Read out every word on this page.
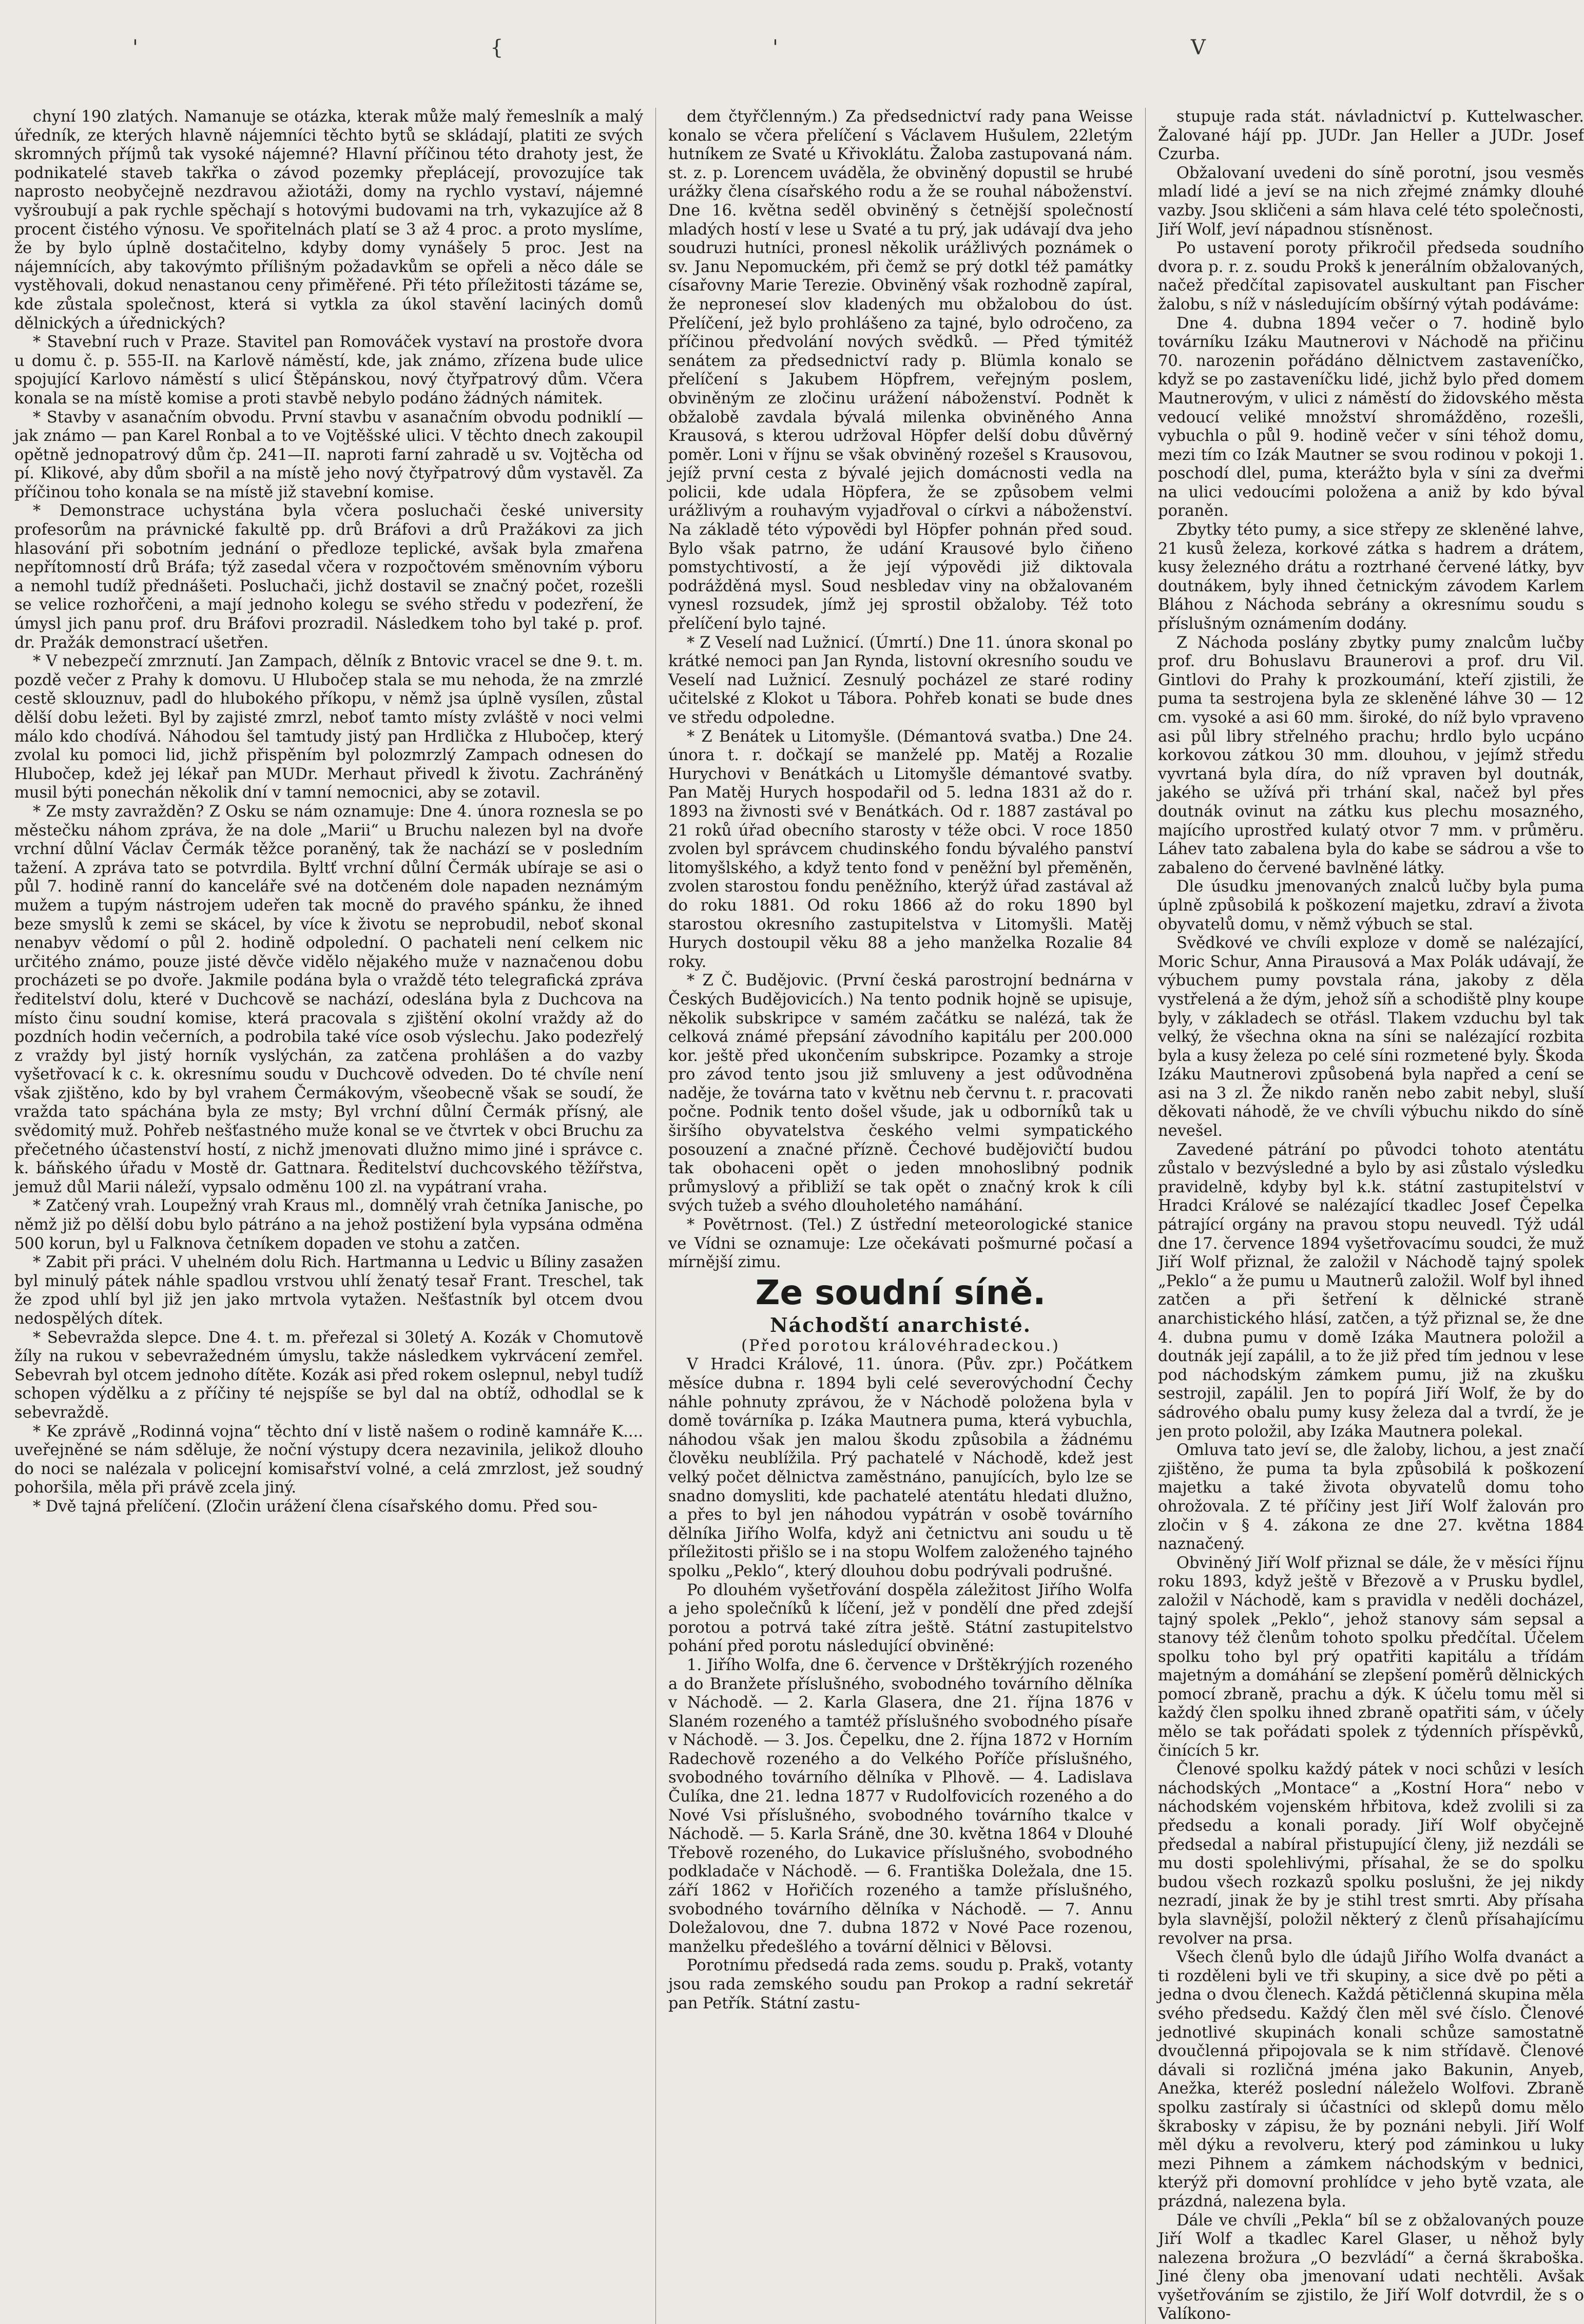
'	{	'	V

chyní 190 zlatých. Namanuje se otázka, kterak může malý řemeslník a malý úředník, ze kterých hlavně nájemníci těchto bytů se skládají, platiti ze svých skromných příjmů tak vysoké nájemné? Hlavní příčinou této drahoty jest, že podnikatelé staveb takřka o závod pozemky přeplácejí, provozujíce tak naprosto neobyčejně nezdravou ažiotáži, domy na rychlo vystaví, nájemné vyšroubují a pak rychle spěchají s hotovými budovami na trh, vykazujíce až 8 procent čistého výnosu. Ve spořitelnách platí se 3 až 4 proc. a proto myslíme, že by bylo úplně dostačitelno, kdyby domy vynášely 5 proc. Jest na nájemnících, aby takovýmto přílišným požadavkům se opřeli a něco dále se vystěhovali, dokud nenastanou ceny přiměřené. Při této příležitosti tázáme se, kde zůstala společnost, která si vytkla za úkol stavění laciných domů dělnických a úřednických?

* Stavební ruch v Praze. Stavitel pan Romováček vystaví na prostoře dvora u domu č. p. 555-II. na Karlově náměstí, kde, jak známo, zřízena bude ulice spojující Karlovo náměstí s ulicí Štěpánskou, nový čtyřpatrový dům. Včera konala se na místě komise a proti stavbě nebylo podáno žádných námitek.

* Stavby v asanačním obvodu. První stavbu v asanačním obvodu podniklí — jak známo — pan Karel Ronbal a to ve Vojtěšské ulici. V těchto dnech zakoupil opětně jednopatrový dům čp. 241—II. naproti farní zahradě u sv. Vojtěcha od pí. Klikové, aby dům sbořil a na místě jeho nový čtyřpatrový dům vystavěl. Za příčinou toho konala se na místě již stavební komise.

* Demonstrace uchystána byla včera posluchači české university profesorům na právnické fakultě pp. drů Bráfovi a drů Pražákovi za jich hlasování při sobotním jednání o předloze teplické, avšak byla zmařena nepřítomností drů Bráfa; týž zasedal včera v rozpočtovém směnovním výboru a nemohl tudíž přednášeti. Posluchači, jichž dostavil se značný počet, rozešli se velice rozhořčeni, a mají jednoho kolegu se svého středu v podezření, že úmysl jich panu prof. dru Bráfovi prozradil. Následkem toho byl také p. prof. dr. Pražák demonstrací ušetřen.

* V nebezpečí zmrznutí. Jan Zampach, dělník z Bntovic vracel se dne 9. t. m. pozdě večer z Prahy k domovu. U Hlubočep stala se mu nehoda, že na zmrzlé cestě sklouznuv, padl do hlubokého příkopu, v němž jsa úplně vysílen, zůstal dělší dobu ležeti. Byl by zajisté zmrzl, neboť tamto místy zvláště v noci velmi málo kdo chodívá. Náhodou šel tamtudy jistý pan Hrdlička z Hlubočep, který zvolal ku pomoci lid, jichž přispěním byl polozmrzlý Zampach odnesen do Hlubočep, kdež jej lékař pan MUDr. Merhaut přivedl k životu. Zachráněný musil býti ponechán několik dní v tamní nemocnici, aby se zotavil.

* Ze msty zavražděn? Z Osku se nám oznamuje: Dne 4. února roznesla se po městečku náhom zpráva, že na dole „Marii“ u Bruchu nalezen byl na dvoře vrchní důlní Václav Čermák těžce poraněný, tak že nachází se v posledním tažení. A zpráva tato se potvrdila. Byltť vrchní důlní Čermák ubíraje se asi o půl 7. hodině ranní do kanceláře své na dotčeném dole napaden neznámým mužem a tupým nástrojem udeřen tak mocně do pravého spánku, že ihned beze smyslů k zemi se skácel, by více k životu se neprobudil, neboť skonal nenabyv vědomí o půl 2. hodině odpolední. O pachateli není celkem nic určitého známo, pouze jisté děvče vidělo nějakého muže v naznačenou dobu procházeti se po dvoře. Jakmile podána byla o vraždě této telegrafická zpráva ředitelství dolu, které v Duchcově se nachází, odeslána byla z Duchcova na místo činu soudní komise, která pracovala s zjištění okolní vraždy až do pozdních hodin večerních, a podrobila také více osob výslechu. Jako podezřelý z vraždy byl jistý horník vyslýchán, za zatčena prohlášen a do vazby vyšetřovací k c. k. okresnímu soudu v Duchcově odveden. Do té chvíle není však zjištěno, kdo by byl vrahem Čermákovým, všeobecně však se soudí, že vražda tato spáchána byla ze msty; Byl vrchní důlní Čermák přísný, ale svědomitý muž. Pohřeb nešťastného muže konal se ve čtvrtek v obci Bruchu za přečetného účastenství hostí, z nichž jmenovati dlužno mimo jiné i správce c. k. báňského úřadu v Mostě dr. Gattnara. Ředitelství duchcovského těžířstva, jemuž důl Marii náleží, vypsalo odměnu 100 zl. na vypátraní vraha.

* Zatčený vrah. Loupežný vrah Kraus ml., domnělý vrah četníka Janische, po němž již po dělší dobu bylo pátráno a na jehož postižení byla vypsána odměna 500 korun, byl u Falknova četníkem dopaden ve stohu a zatčen.

* Zabit při práci. V uhelném dolu Rich. Hartmanna u Ledvic u Bíliny zasažen byl minulý pátek náhle spadlou vrstvou uhlí ženatý tesař Frant. Treschel, tak že zpod uhlí byl již jen jako mrtvola vytažen. Nešťastník byl otcem dvou nedospělých dítek.

* Sebevražda slepce. Dne 4. t. m. přeřezal si 30letý A. Kozák v Chomutově žíly na rukou v sebevražedném úmyslu, takže následkem vykrvácení zemřel. Sebevrah byl otcem jednoho dítěte. Kozák asi před rokem oslepnul, nebyl tudíž schopen výdělku a z příčiny té nejspíše se byl dal na obtíž, odhodlal se k sebevraždě.

* Ke zprávě „Rodinná vojna“ těchto dní v listě našem o rodině kamnáře K.... uveřejněné se nám sděluje, že noční výstupy dcera nezavinila, jelikož dlouho do noci se nalézala v policejní komisařství volné, a celá zmrzlost, jež soudný pohoršila, měla při právě zcela jiný.

* Dvě tajná přelíčení. (Zločin urážení člena císařského domu. Před sou-

dem čtyřčlenným.) Za předsednictví rady pana Weisse konalo se včera přelíčení s Václavem Hušulem, 22letým hutníkem ze Svaté u Křivoklátu. Žaloba zastupovaná nám. st. z. p. Lorencem uváděla, že obviněný dopustil se hrubé urážky člena císařského rodu a že se rouhal náboženství. Dne 16. května seděl obviněný s četnější společností mladých hostí v lese u Svaté a tu prý, jak udávají dva jeho soudruzi hutníci, pronesl několik urážlivých poznámek o sv. Janu Nepomuckém, při čemž se prý dotkl též památky císařovny Marie Terezie. Obviněný však rozhodně zapíral, že neproneseí slov kladených mu obžalobou do úst. Přelíčení, jež bylo prohlášeno za tajné, bylo odročeno, za příčinou předvolání nových svědků. — Před týmitéž senátem za předsednictví rady p. Blümla konalo se přelíčení s Jakubem Höpfrem, veřejným poslem, obviněným ze zločinu urážení náboženství. Podnět k obžalobě zavdala bývalá milenka obviněného Anna Krausová, s kterou udržoval Höpfer delší dobu důvěrný poměr. Loni v říjnu se však obviněný rozešel s Krausovou, jejíž první cesta z bývalé jejich domácnosti vedla na policii, kde udala Höpfera, že se způsobem velmi urážlivým a rouhavým vyjadřoval o církvi a náboženství. Na základě této výpovědi byl Höpfer pohnán před soud. Bylo však patrno, že udání Krausové bylo čiňeno pomstychtivostí, a že její výpovědi již diktovala podrážděná mysl. Soud nesbledav viny na obžalovaném vynesl rozsudek, jímž jej sprostil obžaloby. Též toto přelíčení bylo tajné.

* Z Veselí nad Lužnicí. (Úmrtí.) Dne 11. února skonal po krátké nemoci pan Jan Rynda, listovní okresního soudu ve Veselí nad Lužnicí. Zesnulý pocházel ze staré rodiny učitelské z Klokot u Tábora. Pohřeb konati se bude dnes ve středu odpoledne.

* Z Benátek u Litomyšle. (Démantová svatba.) Dne 24. února t. r. dočkají se manželé pp. Matěj a Rozalie Hurychovi v Benátkách u Litomyšle démantové svatby. Pan Matěj Hurych hospodařil od 5. ledna 1831 až do r. 1893 na živnosti své v Benátkách. Od r. 1887 zastával po 21 roků úřad obecního starosty v téže obci. V roce 1850 zvolen byl správcem chudinského fondu bývalého panství litomyšlského, a když tento fond v peněžní byl přeměněn, zvolen starostou fondu peněžního, kterýž úřad zastával až do roku 1881. Od roku 1866 až do roku 1890 byl starostou okresního zastupitelstva v Litomyšli. Matěj Hurych dostoupil věku 88 a jeho manželka Rozalie 84 roky.

* Z Č. Budějovic. (První česká parostrojní bednárna v Českých Budějovicích.) Na tento podnik hojně se upisuje, několik subskripce v samém začátku se nalézá, tak že celková známé přepsání závodního kapitálu per 200.000 kor. ještě před ukončením subskripce. Pozamky a stroje pro závod tento jsou již smluveny a jest odůvodněna naděje, že továrna tato v květnu neb červnu t. r. pracovati počne. Podnik tento došel všude, jak u odborníků tak u širšího obyvatelstva českého velmi sympatického posouzení a značné přízně. Čechové budějovičtí budou tak obohaceni opět o jeden mnohoslibný podnik průmyslový a přibliží se tak opět o značný krok k cíli svých tužeb a svého dlouholetého namáhání.

* Povětrnost. (Tel.) Z ústřední meteorologické stanice ve Vídni se oznamuje: Lze očekávati pošmurné počasí a mírnější zimu.

Ze soudní síně.

Náchodští anarchisté.

(Před porotou královéhradeckou.)

V Hradci Králové, 11. února. (Pův. zpr.) Počátkem měsíce dubna r. 1894 byli celé severovýchodní Čechy náhle pohnuty zprávou, že v Náchodě položena byla v domě továrníka p. Izáka Mautnera puma, která vybuchla, náhodou však jen malou škodu způsobila a žádnému člověku neublížila. Prý pachatelé v Náchodě, kdež jest velký počet dělnictva zaměstnáno, panujících, bylo lze se snadno domysliti, kde pachatelé atentátu hledati dlužno, a přes to byl jen náhodou vypátrán v osobě továrního dělníka Jiřího Wolfa, když ani četnictvu ani soudu u tě příležitosti přišlo se i na stopu Wolfem založeného tajného spolku „Peklo“, který dlouhou dobu podrývali podrušné.

Po dlouhém vyšetřování dospěla záležitost Jiřího Wolfa a jeho společníků k líčení, jež v pondělí dne před zdejší porotou a potrvá také zítra ještě. Státní zastupitelstvo pohání před porotu následující obviněné:

1. Jiřího Wolfa, dne 6. července v Drštěkrýjích rozeného a do Branžete příslušného, svobodného továrního dělníka v Náchodě. — 2. Karla Glasera, dne 21. října 1876 v Slaném rozeného a tamtéž příslušného svobodného písaře v Náchodě. — 3. Jos. Čepelku, dne 2. října 1872 v Horním Radechově rozeného a do Velkého Poříče příslušného, svobodného továrního dělníka v Plhově. — 4. Ladislava Čulíka, dne 21. ledna 1877 v Rudolfovicích rozeného a do Nové Vsi příslušného, svobodného továrního tkalce v Náchodě. — 5. Karla Sráně, dne 30. května 1864 v Dlouhé Třebově rozeného, do Lukavice příslušného, svobodného podkladače v Náchodě. — 6. Františka Doležala, dne 15. září 1862 v Hořičích rozeného a tamže příslušného, svobodného továrního dělníka v Náchodě. — 7. Annu Doležalovou, dne 7. dubna 1872 v Nové Pace rozenou, manželku předešlého a tovární dělnici v Bělovsi.

Porotnímu předsedá rada zems. soudu p. Prakš, votanty jsou rada zemského soudu pan Prokop a radní sekretář pan Petřík. Státní zastu-

stupuje rada stát. návladnictví p. Kuttelwascher. Žalované hájí pp. JUDr. Jan Heller a JUDr. Josef Czurba.

Obžalovaní uvedeni do síně porotní, jsou vesměs mladí lidé a jeví se na nich zřejmé známky dlouhé vazby. Jsou skličeni a sám hlava celé této společnosti, Jiří Wolf, jeví nápadnou stísněnost.

Po ustavení poroty přikročil předseda soudního dvora p. r. z. soudu Prokš k jenerálním obžalovaných, načež předčítal zapisovatel auskultant pan Fischer žalobu, s níž v následujícím obšírný výtah podáváme:

Dne 4. dubna 1894 večer o 7. hodině bylo továrníku Izáku Mautnerovi v Náchodě na přičinu 70. narozenin pořádáno dělnictvem zastaveníčko, když se po zastaveníčku lidé, jichž bylo před domem Mautnerovým, v ulici z náměstí do židovského města vedoucí veliké množství shromážděno, rozešli, vybuchla o půl 9. hodině večer v síni téhož domu, mezi tím co Izák Mautner se svou rodinou v pokoji 1. poschodí dlel, puma, kterážto byla v síni za dveřmi na ulici vedoucími položena a aniž by kdo býval poraněn.

Zbytky této pumy, a sice střepy ze skleněné lahve, 21 kusů železa, korkové zátka s hadrem a drátem, kusy železného drátu a roztrhané červené látky, byv doutnákem, byly ihned četnickým závodem Karlem Bláhou z Náchoda sebrány a okresnímu soudu s příslušným oznámením dodány.

Z Náchoda poslány zbytky pumy znalcům lučby prof. dru Bohuslavu Braunerovi a prof. dru Vil. Gintlovi do Prahy k prozkoumání, kteří zjistili, že puma ta sestrojena byla ze skleněné láhve 30 — 12 cm. vysoké a asi 60 mm. široké, do níž bylo vpraveno asi půl libry střelného prachu; hrdlo bylo ucpáno korkovou zátkou 30 mm. dlouhou, v jejímž středu vyvrtaná byla díra, do níž vpraven byl doutnák, jakého se užívá při trhání skal, načež byl přes doutnák ovinut na zátku kus plechu mosazného, majícího uprostřed kulatý otvor 7 mm. v průměru. Láhev tato zabalena byla do kabe se sádrou a vše to zabaleno do červené bavlněné látky.

Dle úsudku jmenovaných znalců lučby byla puma úplně způsobilá k poškození majetku, zdraví a života obyvatelů domu, v němž výbuch se stal.

Svědkové ve chvíli exploze v domě se nalézající, Moric Schur, Anna Pirausová a Max Polák udávají, že výbuchem pumy povstala rána, jakoby z děla vystřelená a že dým, jehož síň a schodiště plny koupe byly, v základech se otřásl. Tlakem vzduchu byl tak velký, že všechna okna na síni se nalézající rozbita byla a kusy železa po celé síni rozmetené byly. Škoda Izáku Mautnerovi způsobená byla napřed a cení se asi na 3 zl. Že nikdo raněn nebo zabit nebyl, sluší děkovati náhodě, že ve chvíli výbuchu nikdo do síně nevešel.

Zavedené pátrání po původci tohoto atentátu zůstalo v bezvýsledné a bylo by asi zůstalo výsledku pravidelně, kdyby byl k.k. státní zastupitelství v Hradci Králové se nalézající tkadlec Josef Čepelka pátrající orgány na pravou stopu neuvedl. Týž udál dne 17. července 1894 vyšetřovacímu soudci, že muž Jiří Wolf přiznal, že založil v Náchodě tajný spolek „Peklo“ a že pumu u Mautnerů založil. Wolf byl ihned zatčen a při šetření k dělnické straně anarchistického hlásí, zatčen, a týž přiznal se, že dne 4. dubna pumu v domě Izáka Mautnera položil a doutnák její zapálil, a to že již před tím jednou v lese pod náchodským zámkem pumu, již na zkušku sestrojil, zapálil. Jen to popírá Jiří Wolf, že by do sádrového obalu pumy kusy železa dal a tvrdí, že je jen proto položil, aby Izáka Mautnera polekal.

Omluva tato jeví se, dle žaloby, lichou, a jest značí zjištěno, že puma ta byla způsobilá k poškození majetku a také života obyvatelů domu toho ohrožovala. Z té příčiny jest Jiří Wolf žalován pro zločin v § 4. zákona ze dne 27. května 1884 naznačený.

Obviněný Jiří Wolf přiznal se dále, že v měsíci říjnu roku 1893, když ještě v Březově a v Prusku bydlel, založil v Náchodě, kam s pravidla v neděli docházel, tajný spolek „Peklo“, jehož stanovy sám sepsal a stanovy též členům tohoto spolku předčítal. Účelem spolku toho byl prý opatřiti kapitálu a třídám majetným a domáhání se zlepšení poměrů dělnických pomocí zbraně, prachu a dýk. K účelu tomu měl si každý člen spolku ihned zbraně opatřiti sám, v účely mělo se tak pořádati spolek z týdenních příspěvků, činících 5 kr.

Členové spolku každý pátek v noci schůzi v lesích náchodských „Montace“ a „Kostní Hora“ nebo v náchodském vojenském hřbitova, kdež zvolili si za předsedu a konali porady. Jiří Wolf obyčejně předsedal a nabíral přistupující členy, již nezdáli se mu dosti spolehlivými, přísahal, že se do spolku budou všech rozkazů spolku poslušni, že jej nikdy nezradí, jinak že by je stihl trest smrti. Aby přísaha byla slavnější, položil některý z členů přísahajícímu revolver na prsa.

Všech členů bylo dle údajů Jiřího Wolfa dvanáct a ti rozděleni byli ve tři skupiny, a sice dvě po pěti a jedna o dvou členech. Každá pětičlenná skupina měla svého předsedu. Každý člen měl své číslo. Členové jednotlivé skupinách konali schůze samostatně dvoučlenná připojovala se k nim střídavě. Členové dávali si rozličná jména jako Bakunin, Anyeb, Anežka, kteréž poslední náleželo Wolfovi. Zbraně spolku zastíraly si účastníci od sklepů domu mělo škrabosky v zápisu, že by poznáni nebyli. Jiří Wolf měl dýku a revolveru, který pod záminkou u luky mezi Pihnem a zámkem náchodským v bednici, kterýž při domovní prohlídce v jeho bytě vzata, ale prázdná, nalezena byla.

Dále ve chvíli „Pekla“ bíl se z obžalovaných pouze Jiří Wolf a tkadlec Karel Glaser, u něhož byly nalezena brožura „O bezvládí“ a černá škraboška. Jiné členy oba jmenovaní udati nechtěli. Avšak vyšetřováním se zjistilo, že Jiří Wolf dotvrdil, že s o Valíkono-
